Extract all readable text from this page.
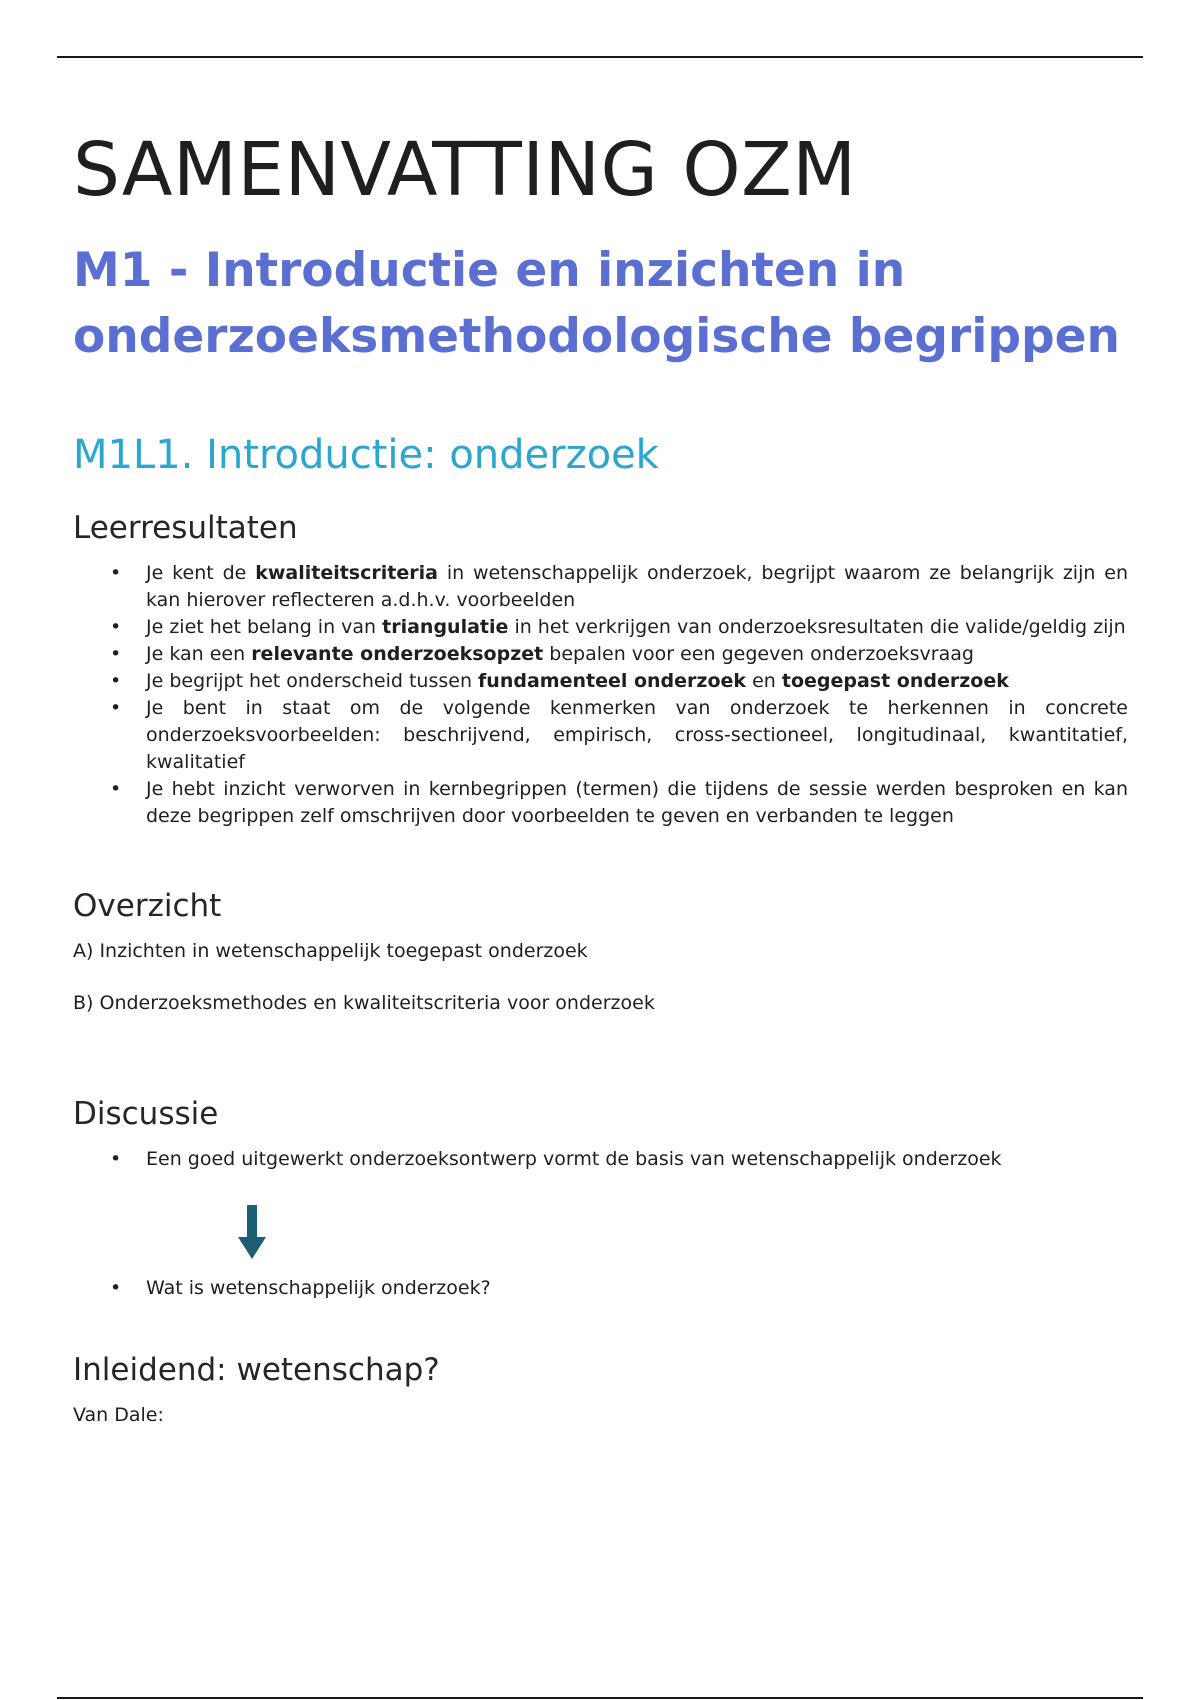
SAMENVATTING OZM
M1 - Introductie en inzichten in onderzoeksmethodologische begrippen
M1L1. Introductie: onderzoek
Leerresultaten
• Je kent de kwaliteitscriteria in wetenschappelijk onderzoek, begrijpt waarom ze belangrijk zijn en kan hierover reflecteren a.d.h.v. voorbeelden
• Je ziet het belang in van triangulatie in het verkrijgen van onderzoeksresultaten die valide/geldig zijn
• Je kan een relevante onderzoeksopzet bepalen voor een gegeven onderzoeksvraag
• Je begrijpt het onderscheid tussen fundamenteel onderzoek en toegepast onderzoek
• Je bent in staat om de volgende kenmerken van onderzoek te herkennen in concrete onderzoeksvoorbeelden: beschrijvend, empirisch, cross-sectioneel, longitudinaal, kwantitatief, kwalitatief
• Je hebt inzicht verworven in kernbegrippen (termen) die tijdens de sessie werden besproken en kan deze begrippen zelf omschrijven door voorbeelden te geven en verbanden te leggen
Overzicht

A) Inzichten in wetenschappelijk toegepast onderzoek

B) Onderzoeksmethodes en kwaliteitscriteria voor onderzoek

Discussie
• Een goed uitgewerkt onderzoeksontwerp vormt de basis van wetenschappelijk onderzoek
• Wat is wetenschappelijk onderzoek?
Inleidend: wetenschap?

Van Dale:
